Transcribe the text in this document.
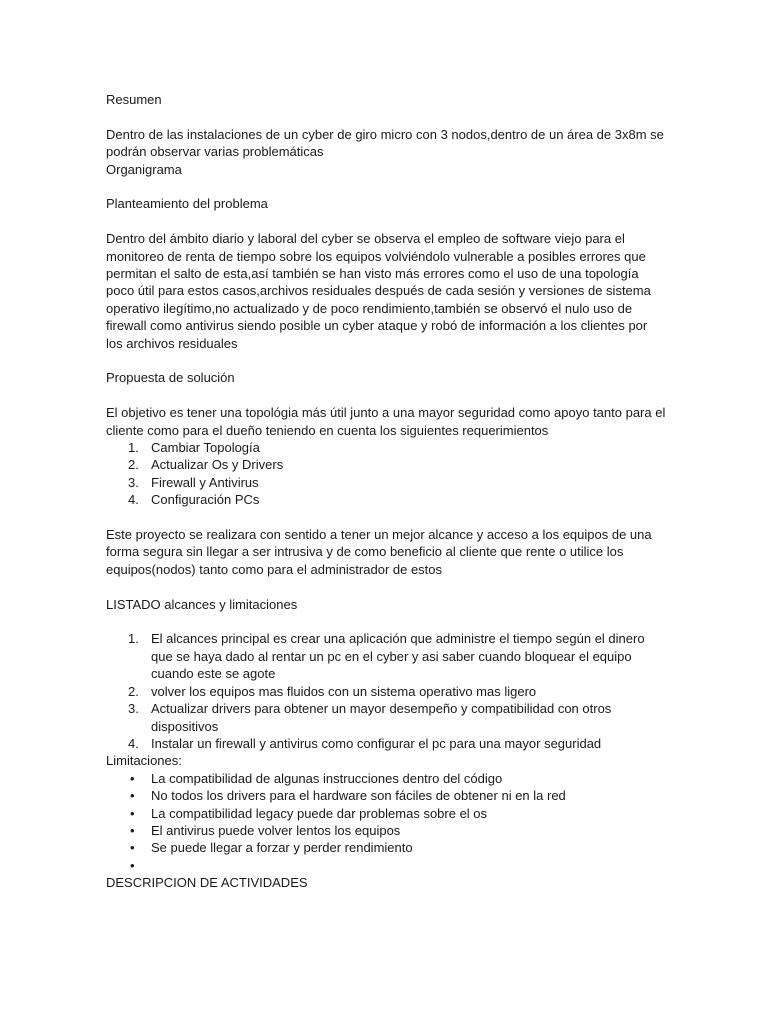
Resumen

Dentro de las instalaciones de un cyber de giro micro con 3 nodos,dentro de un área de 3x8m se podrán observar varias problemáticas

Organigrama

Planteamiento del problema

Dentro del ámbito diario y laboral del cyber se observa el empleo de software viejo para el monitoreo de renta de tiempo sobre los equipos volviéndolo vulnerable a posibles errores que permitan el salto de esta,así también se han visto más errores como el uso de una topología poco útil para estos casos,archivos residuales después de cada sesión y versiones de sistema operativo ilegítimo,no actualizado y de poco rendimiento,también se observó el nulo uso de firewall como antivirus siendo posible un cyber ataque y robó de información a los clientes por los archivos residuales

Propuesta de solución

El objetivo es tener una topológia más útil junto a una mayor seguridad como apoyo tanto para el cliente como para el dueño teniendo en cuenta los siguientes requerimientos

1. Cambiar Topología
2. Actualizar Os y Drivers
3. Firewall y Antivirus
4. Configuración PCs

Este proyecto se realizara con sentido a tener un mejor alcance y acceso a los equipos de una forma segura sin llegar a ser intrusiva y de como beneficio al cliente que rente o utilice los equipos(nodos) tanto como para el administrador de estos

LISTADO alcances y limitaciones

1. El alcances principal es crear una aplicación que administre el tiempo según el dinero que se haya dado al rentar un pc en el cyber y asi saber cuando bloquear el equipo cuando este se agote
2. volver los equipos mas fluidos con un sistema operativo mas ligero
3. Actualizar drivers para obtener un mayor desempeño y compatibilidad con otros dispositivos
4. Instalar un firewall y antivirus como configurar el pc para una mayor seguridad

Limitaciones:

• La compatibilidad de algunas instrucciones dentro del código
• No todos los drivers para el hardware son fáciles de obtener ni en la red
• La compatibilidad legacy puede dar problemas sobre el os
• El antivirus puede volver lentos los equipos
• Se puede llegar a forzar y perder rendimiento
•

DESCRIPCION DE ACTIVIDADES
